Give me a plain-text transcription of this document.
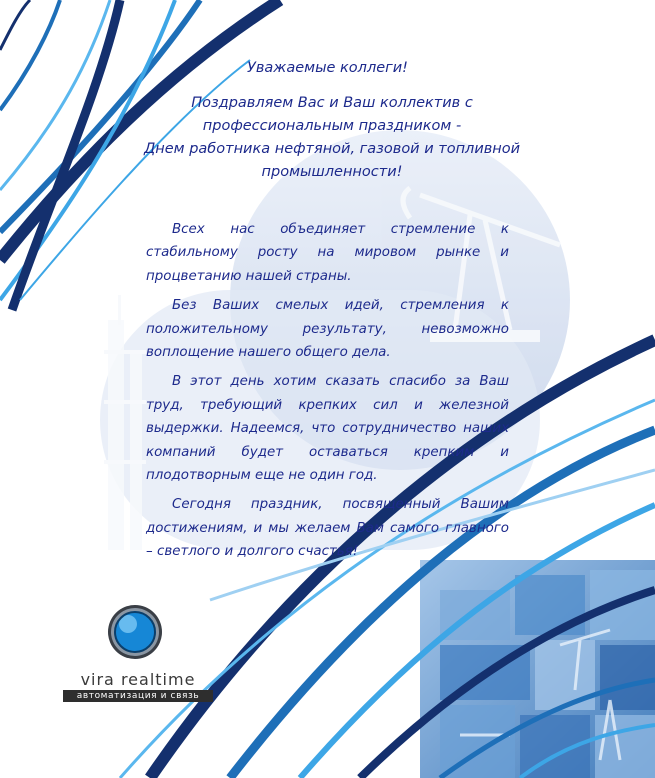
Уважаемые коллеги!
Поздравляем Вас и Ваш коллектив с
профессиональным праздником -
Днем работника нефтяной, газовой и топливной
промышленности!

Всех нас объединяет стремление к стабильному росту на мировом рынке и процветанию нашей страны.

Без Ваших смелых идей, стремления к положительному результату, невозможно воплощение нашего общего дела.

В этот день хотим сказать спасибо за Ваш труд, требующий крепких сил и железной выдержки. Надеемся, что сотрудничество наших компаний будет оставаться крепким и плодотворным еще не один год.

Сегодня праздник, посвященный Вашим достижениям, и мы желаем Вам самого главного – светлого и долгого счастья!

vira realtime
автоматизация и связь
